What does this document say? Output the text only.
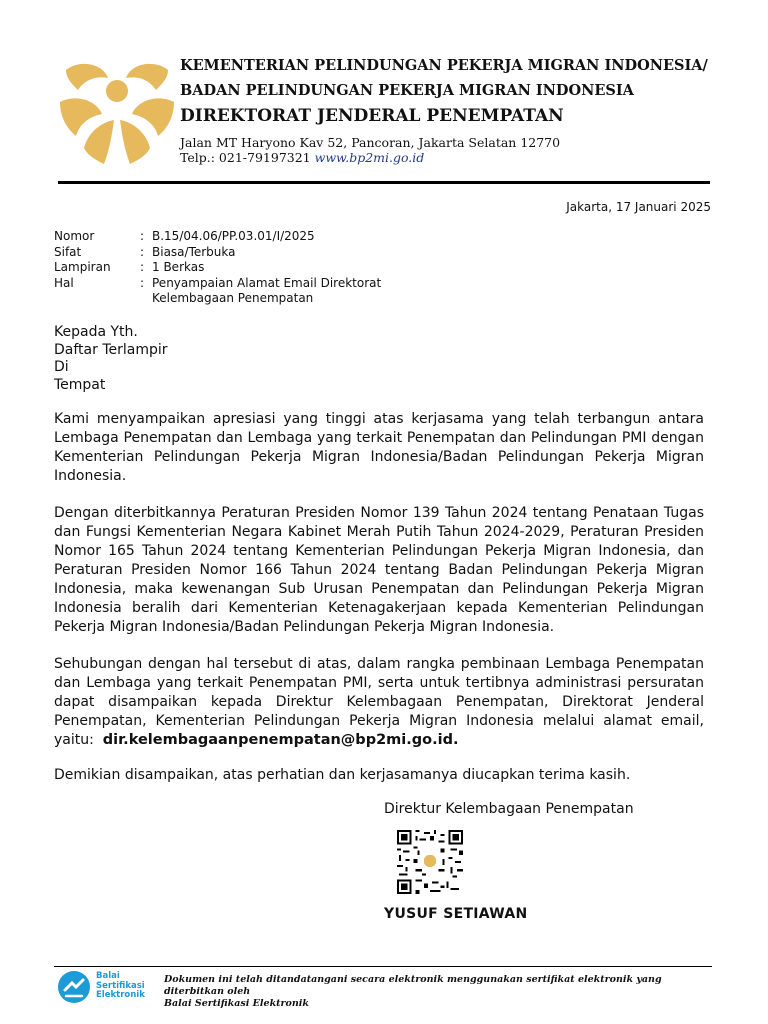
KEMENTERIAN PELINDUNGAN PEKERJA MIGRAN INDONESIA/
BADAN PELINDUNGAN PEKERJA MIGRAN INDONESIA
DIREKTORAT JENDERAL PENEMPATAN
Jalan MT Haryono Kav 52, Pancoran, Jakarta Selatan 12770
Telp.: 021-79197321 www.bp2mi.go.id
Jakarta, 17 Januari 2025
Nomor	: B.15/04.06/PP.03.01/I/2025
Sifat	: Biasa/Terbuka
Lampiran	: 1 Berkas
Hal	: Penyampaian Alamat Email Direktorat Kelembagaan Penempatan
Kepada Yth.
Daftar Terlampir
Di
Tempat
Kami menyampaikan apresiasi yang tinggi atas kerjasama yang telah terbangun antara Lembaga Penempatan dan Lembaga yang terkait Penempatan dan Pelindungan PMI dengan Kementerian Pelindungan Pekerja Migran Indonesia/Badan Pelindungan Pekerja Migran Indonesia.
Dengan diterbitkannya Peraturan Presiden Nomor 139 Tahun 2024 tentang Penataan Tugas dan Fungsi Kementerian Negara Kabinet Merah Putih Tahun 2024-2029, Peraturan Presiden Nomor 165 Tahun 2024 tentang Kementerian Pelindungan Pekerja Migran Indonesia, dan Peraturan Presiden Nomor 166 Tahun 2024 tentang Badan Pelindungan Pekerja Migran Indonesia, maka kewenangan Sub Urusan Penempatan dan Pelindungan Pekerja Migran Indonesia beralih dari Kementerian Ketenagakerjaan kepada Kementerian Pelindungan Pekerja Migran Indonesia/Badan Pelindungan Pekerja Migran Indonesia.
Sehubungan dengan hal tersebut di atas, dalam rangka pembinaan Lembaga Penempatan dan Lembaga yang terkait Penempatan PMI, serta untuk tertibnya administrasi persuratan dapat disampaikan kepada Direktur Kelembagaan Penempatan, Direktorat Jenderal Penempatan, Kementerian Pelindungan Pekerja Migran Indonesia melalui alamat email, yaitu: dir.kelembagaanpenempatan@bp2mi.go.id.
Demikian disampaikan, atas perhatian dan kerjasamanya diucapkan terima kasih.
Direktur Kelembagaan Penempatan
YUSUF SETIAWAN
Balai
Sertifikasi
Elektronik
Dokumen ini telah ditandatangani secara elektronik menggunakan sertifikat elektronik yang diterbitkan oleh
Balai Sertifikasi Elektronik
